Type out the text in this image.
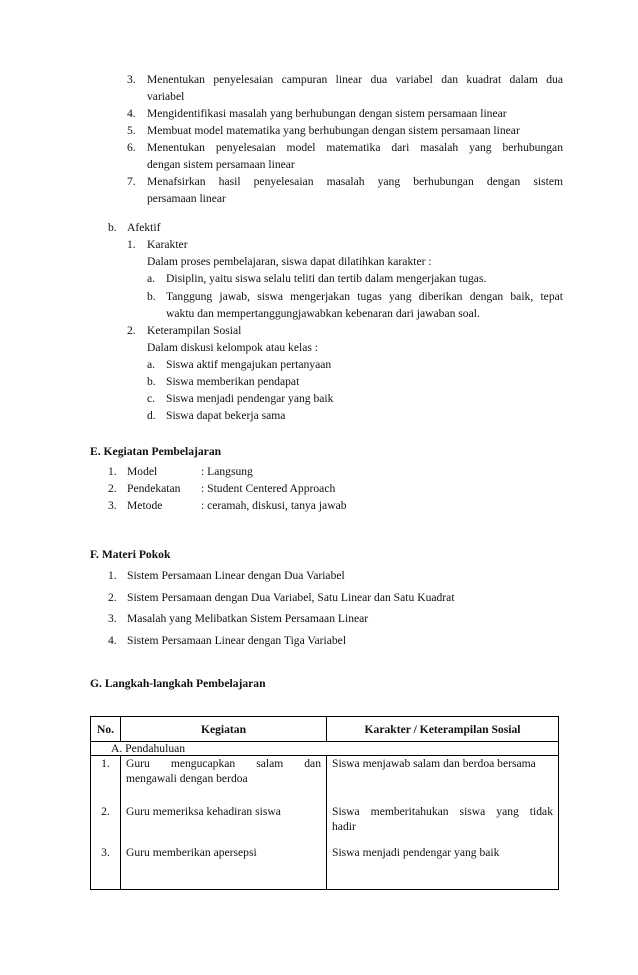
3. Menentukan penyelesaian campuran linear dua variabel dan kuadrat dalam dua
variabel
4. Mengidentifikasi masalah yang berhubungan dengan sistem persamaan linear
5. Membuat model matematika yang berhubungan dengan sistem persamaan linear
6. Menentukan penyelesaian model matematika dari masalah yang berhubungan
dengan sistem persamaan linear
7. Menafsirkan hasil penyelesaian masalah yang berhubungan dengan sistem
persamaan linear
b. Afektif
1. Karakter
Dalam proses pembelajaran, siswa dapat dilatihkan karakter :
a. Disiplin, yaitu siswa selalu teliti dan tertib dalam mengerjakan tugas.
b. Tanggung jawab, siswa mengerjakan tugas yang diberikan dengan baik, tepat
waktu dan mempertanggungjawabkan kebenaran dari jawaban soal.
2. Keterampilan Sosial
Dalam diskusi kelompok atau kelas :
a. Siswa aktif mengajukan pertanyaan
b. Siswa memberikan pendapat
c. Siswa menjadi pendengar yang baik
d. Siswa dapat bekerja sama
E. Kegiatan Pembelajaran
1. Model	: Langsung
2. Pendekatan : Student Centered Approach
3. Metode	: ceramah, diskusi, tanya jawab
F. Materi Pokok
1. Sistem Persamaan Linear dengan Dua Variabel
2. Sistem Persamaan dengan Dua Variabel, Satu Linear dan Satu Kuadrat
3. Masalah yang Melibatkan Sistem Persamaan Linear
4. Sistem Persamaan Linear dengan Tiga Variabel
G. Langkah-langkah Pembelajaran
No.	Kegiatan	Karakter / Keterampilan Sosial
A. Pendahuluan		
1.	Guru mengucapkan salam dan
mengawali dengan berdoa	Siswa menjawab salam dan berdoa bersama

2.	Guru memeriksa kehadiran siswa	Siswa memberitahukan siswa yang tidak
hadir

3.	Guru memberikan apersepsi	Siswa menjadi pendengar yang baik
